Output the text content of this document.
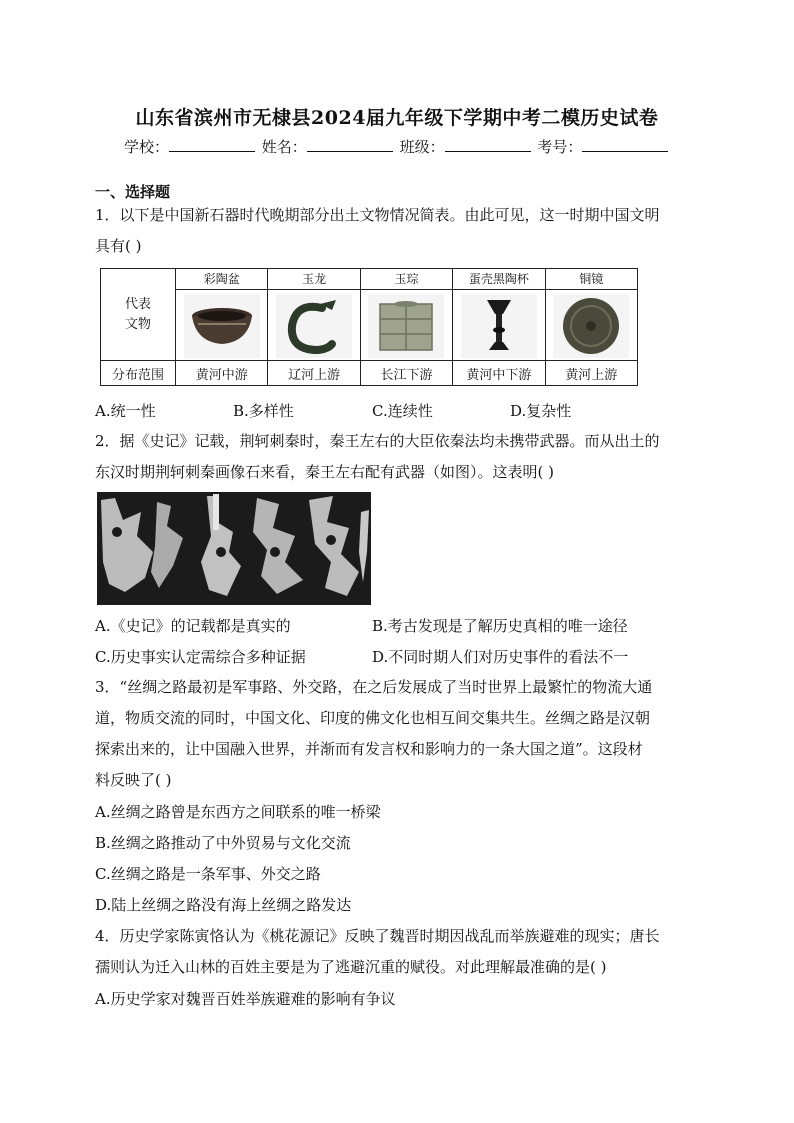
山东省滨州市无棣县2024届九年级下学期中考二模历史试卷
学校：	姓名：	班级：	考号：
一、选择题
1．以下是中国新石器时代晚期部分出土文物情况简表。由此可见，这一时期中国文明
具有( )
代表
文物	彩陶盆	玉龙	玉琮	蛋壳黑陶杯	铜镜

分布范围	黄河中游	辽河上游	长江下游	黄河中下游	黄河上游
A.统一性	B.多样性	C.连续性	D.复杂性
2．据《史记》记载，荆轲刺秦时，秦王左右的大臣依秦法均未携带武器。而从出土的
东汉时期荆轲刺秦画像石来看，秦王左右配有武器（如图）。这表明( )
A.《史记》的记载都是真实的	B.考古发现是了解历史真相的唯一途径
C.历史事实认定需综合多种证据	D.不同时期人们对历史事件的看法不一
3．“丝绸之路最初是军事路、外交路，在之后发展成了当时世界上最繁忙的物流大通
道，物质交流的同时，中国文化、印度的佛文化也相互间交集共生。丝绸之路是汉朝
探索出来的，让中国融入世界，并渐而有发言权和影响力的一条大国之道”。这段材
料反映了( )
A.丝绸之路曾是东西方之间联系的唯一桥梁
B.丝绸之路推动了中外贸易与文化交流
C.丝绸之路是一条军事、外交之路
D.陆上丝绸之路没有海上丝绸之路发达
4．历史学家陈寅恪认为《桃花源记》反映了魏晋时期因战乱而举族避难的现实；唐长
孺则认为迁入山林的百姓主要是为了逃避沉重的赋役。对此理解最准确的是( )
A.历史学家对魏晋百姓举族避难的影响有争议
